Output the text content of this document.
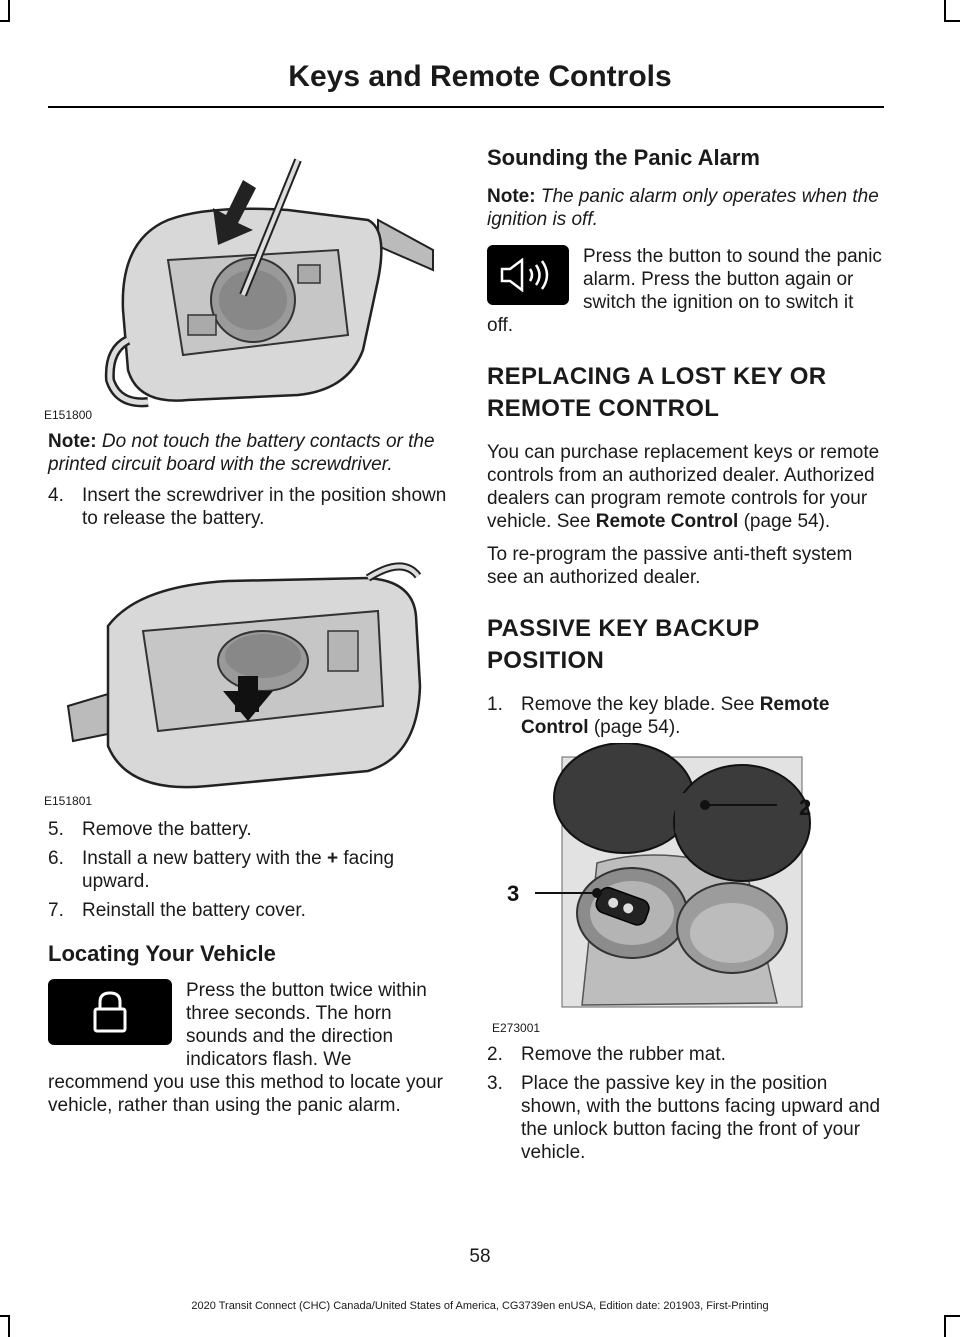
Keys and Remote Controls
E151800

Note: Do not touch the battery contacts or the printed circuit board with the screwdriver.

4. Insert the screwdriver in the position shown to release the battery.
E151801
5. Remove the battery.
6. Install a new battery with the + facing upward.
7. Reinstall the battery cover.

Locating Your Vehicle

Press the button twice within three seconds. The horn sounds and the direction indicators flash. We recommend you use this method to locate your vehicle, rather than using the panic alarm.

Sounding the Panic Alarm

Note: The panic alarm only operates when the ignition is off.

Press the button to sound the panic alarm. Press the button again or switch the ignition on to switch it off.

REPLACING A LOST KEY OR

REMOTE CONTROL

You can purchase replacement keys or remote controls from an authorized dealer. Authorized dealers can program remote controls for your vehicle. See Remote Control (page 54).

To re-program the passive anti-theft system see an authorized dealer.

PASSIVE KEY BACKUP

POSITION

1. Remove the key blade. See Remote Control (page 54).
2
3
E273001
2. Remove the rubber mat.
3. Place the passive key in the position shown, with the buttons facing upward and the unlock button facing the front of your vehicle.
58
2020 Transit Connect (CHC) Canada/United States of America, CG3739en enUSA, Edition date: 201903, First-Printing
